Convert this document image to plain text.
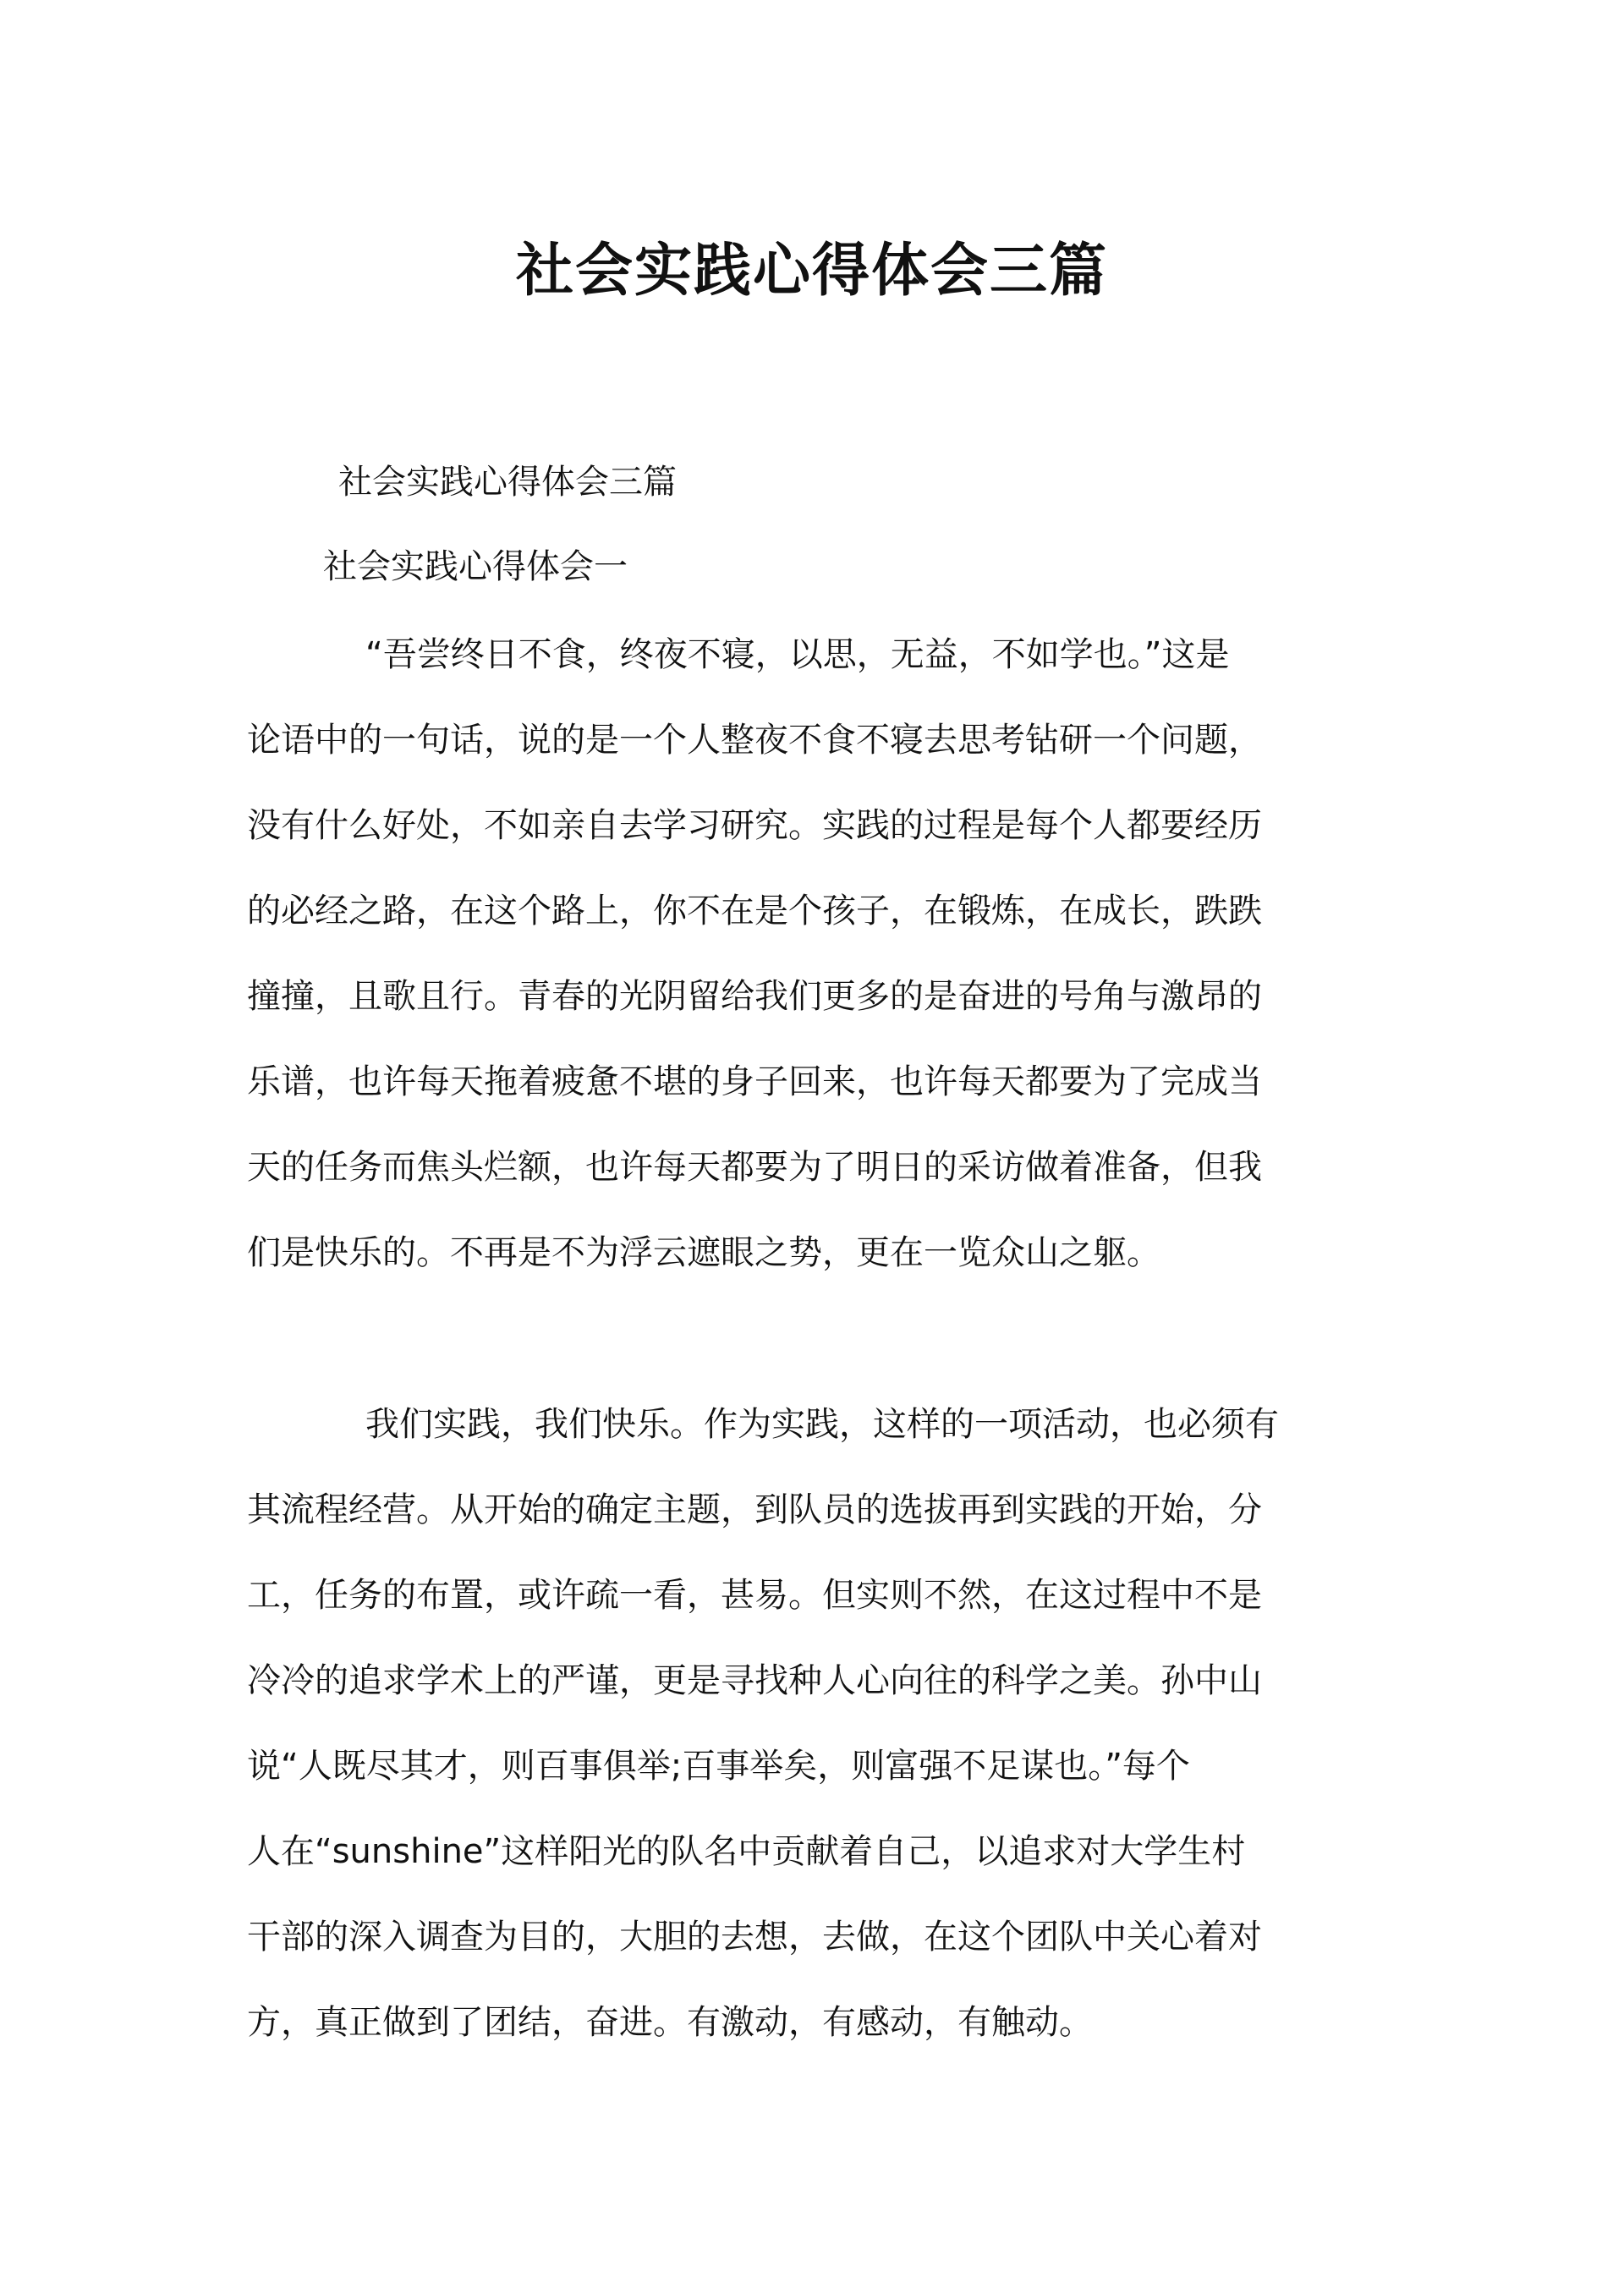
社会实践心得体会三篇
社会实践心得体会三篇
社会实践心得体会一
“吾尝终日不食，终夜不寝，以思，无益，不如学也。”这是
论语中的一句话，说的是一个人整夜不食不寝去思考钻研一个问题，
没有什么好处，不如亲自去学习研究。实践的过程是每个人都要经历
的必经之路，在这个路上，你不在是个孩子，在锻炼，在成长，跌跌
撞撞，且歌且行。青春的光阴留给我们更多的是奋进的号角与激昂的
乐谱，也许每天拖着疲惫不堪的身子回来，也许每天都要为了完成当
天的任务而焦头烂额，也许每天都要为了明日的采访做着准备，但我
们是快乐的。不再是不为浮云遮眼之势，更在一览众山之躯。
我们实践，我们快乐。作为实践，这样的一项活动，也必须有
其流程经营。从开始的确定主题，到队员的选拔再到实践的开始，分
工，任务的布置，或许疏一看，甚易。但实则不然，在这过程中不是
冷冷的追求学术上的严谨，更是寻找种人心向往的科学之美。孙中山
说“人既尽其才，则百事俱举;百事举矣，则富强不足谋也。”每个
人在“sunshine”这样阳光的队名中贡献着自己，以追求对大学生村
干部的深入调查为目的，大胆的去想，去做，在这个团队中关心着对
方，真正做到了团结，奋进。有激动，有感动，有触动。
